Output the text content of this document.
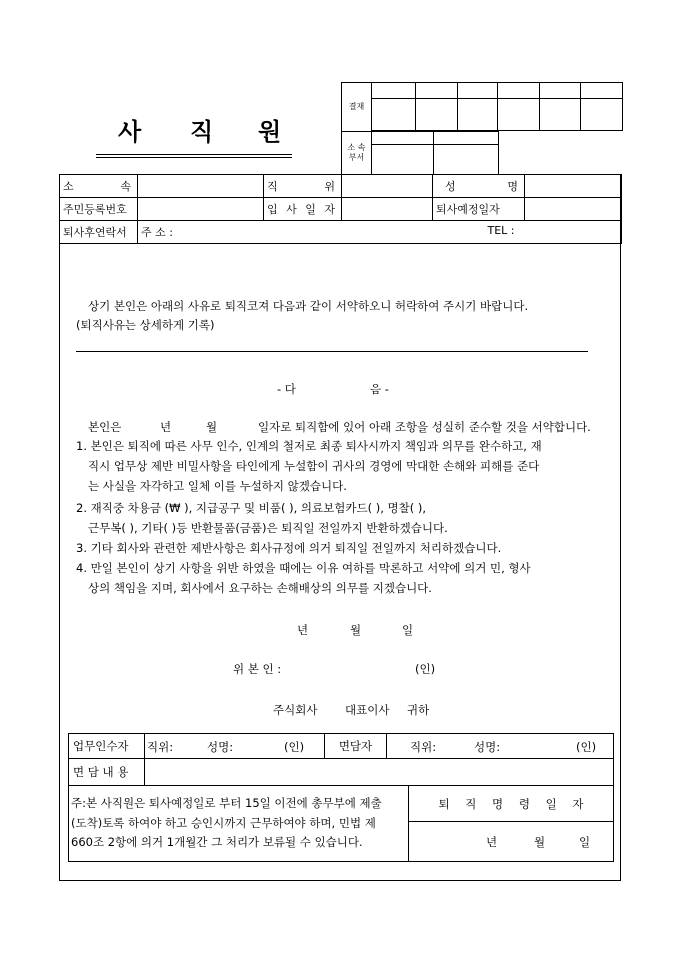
사 직 원
결재						

소 속
부서		

소 속		직 위		성 명	
주민등록번호		입 사 일 자		퇴사예정일자	
퇴사후연락서	주 소 : TEL :				
상기 본인은 아래의 사유로 퇴직코져 다음과 같이 서약하오니 허락하여 주시기 바랍니다.
(퇴직사유는 상세하게 기록)
- 다	음 -
본인은	년	월	일자로 퇴직함에 있어 아래 조항을 성실히 준수할 것을 서약합니다.
1. 본인은 퇴직에 따른 사무 인수, 인계의 철저로 최종 퇴사시까지 책임과 의무를 완수하고, 재
직시 업무상 제반 비밀사항을 타인에게 누설함이 귀사의 경영에 막대한 손해와 피해를 준다
는 사실을 자각하고 일체 이를 누설하지 않겠습니다.
2. 재직중 차용금 (₩ ), 지급공구 및 비품( ), 의료보험카드( ), 명찰( ),
근무복( ), 기타( )등 반환물품(금품)은 퇴직일 전일까지 반환하겠습니다.
3. 기타 회사와 관련한 제반사항은 회사규정에 의거 퇴직일 전일까지 처리하겠습니다.
4. 만일 본인이 상기 사항을 위반 하였을 때에는 이유 여하를 막론하고 서약에 의거 민, 형사
상의 책임을 지며, 회사에서 요구하는 손해배상의 의무를 지겠습니다.
년	월	일
위 본 인 :	(인)
주식회사 대표이사 귀하
업무인수자	직위: 성명: (인)	면담자	직위: 성명: (인)

면 담 내 용			
주:본 사직원은 퇴사예정일로 부터 15일 이전에 총무부에 제출
(도착)토록 하여야 하고 승인시까지 근무하여야 하며, 민법 제
660조 2항에 의거 1개월간 그 처리가 보류될 수 있습니다.
	퇴 직 명 령 일 자

년	월	일
